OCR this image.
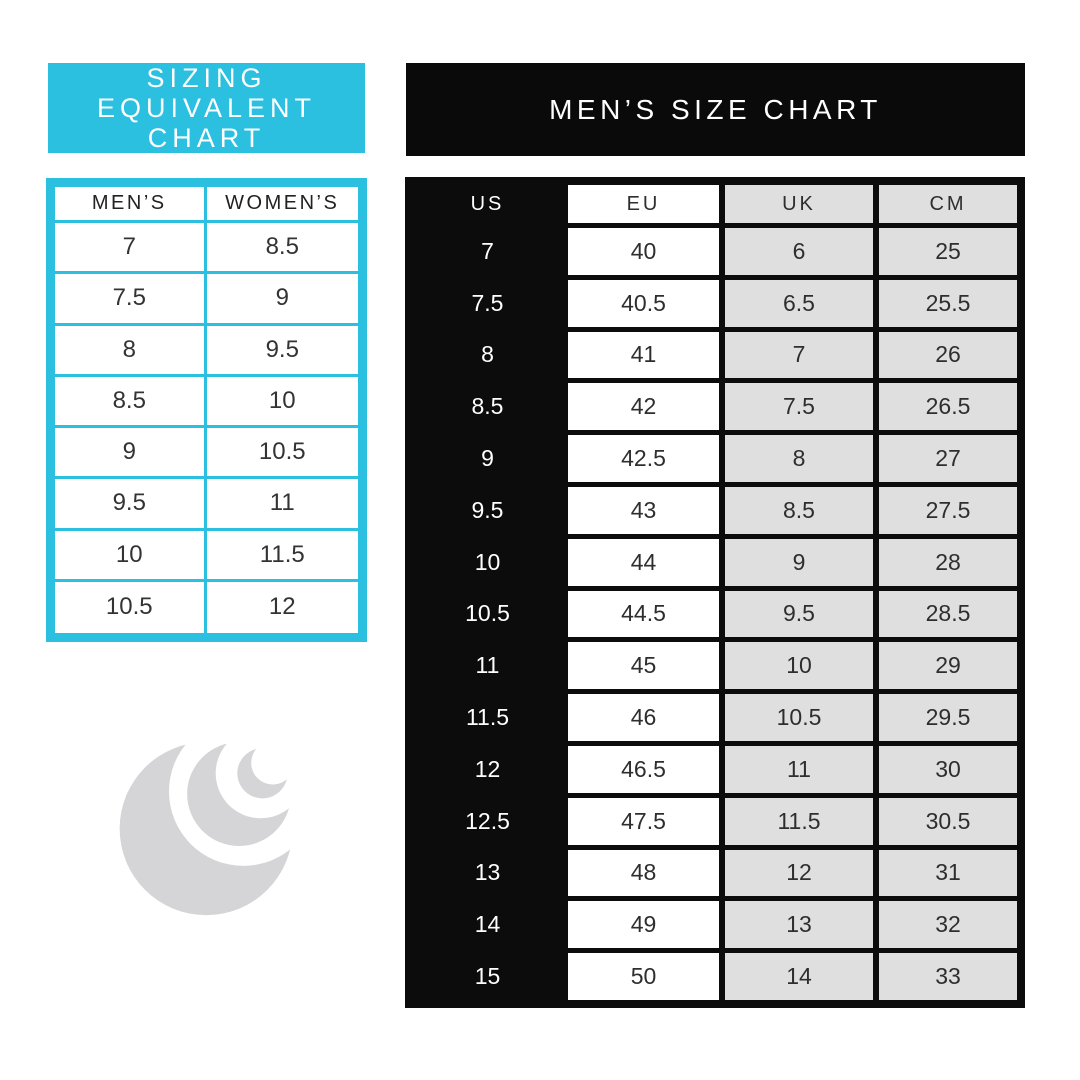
SIZING
EQUIVALENT
CHART
MEN’S	WOMEN’S
7	8.5
7.5	9
8	9.5
8.5	10
9	10.5
9.5	11
10	11.5
10.5	12
MEN’S SIZE CHART
US	EU	UK	CM
7	40	6	25
7.5	40.5	6.5	25.5
8	41	7	26
8.5	42	7.5	26.5
9	42.5	8	27
9.5	43	8.5	27.5
10	44	9	28
10.5	44.5	9.5	28.5
11	45	10	29
11.5	46	10.5	29.5
12	46.5	11	30
12.5	47.5	11.5	30.5
13	48	12	31
14	49	13	32
15	50	14	33
